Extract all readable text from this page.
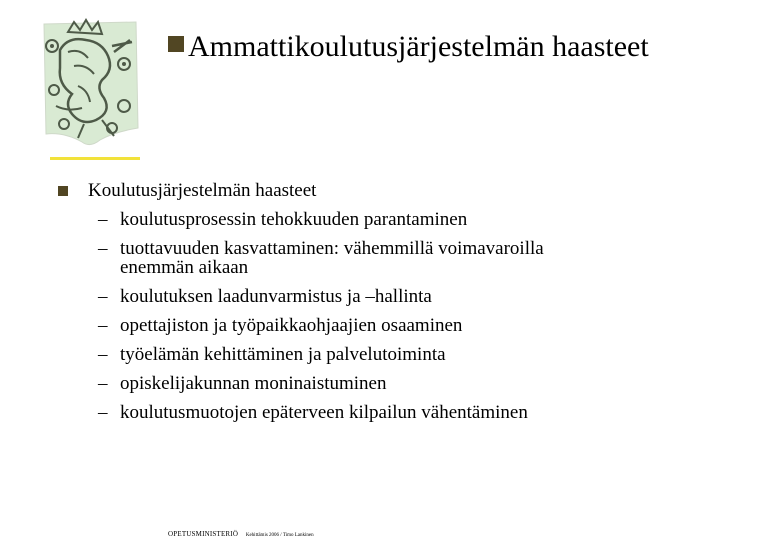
Ammattikoulutusjärjestelmän haasteet
Koulutusjärjestelmän haasteet
– koulutusprosessin tehokkuuden parantaminen
– tuottavuuden kasvattaminen: vähemmillä voimavaroilla
enemmän aikaan
– koulutuksen laadunvarmistus ja –hallinta
– opettajiston ja työpaikkaohjaajien osaaminen
– työelämän kehittäminen ja palvelutoiminta
– opiskelijakunnan moninaistuminen
– koulutusmuotojen epäterveen kilpailun vähentäminen
OPETUSMINISTERIÖ Kehittämis 2006 / Timo Lankinen
